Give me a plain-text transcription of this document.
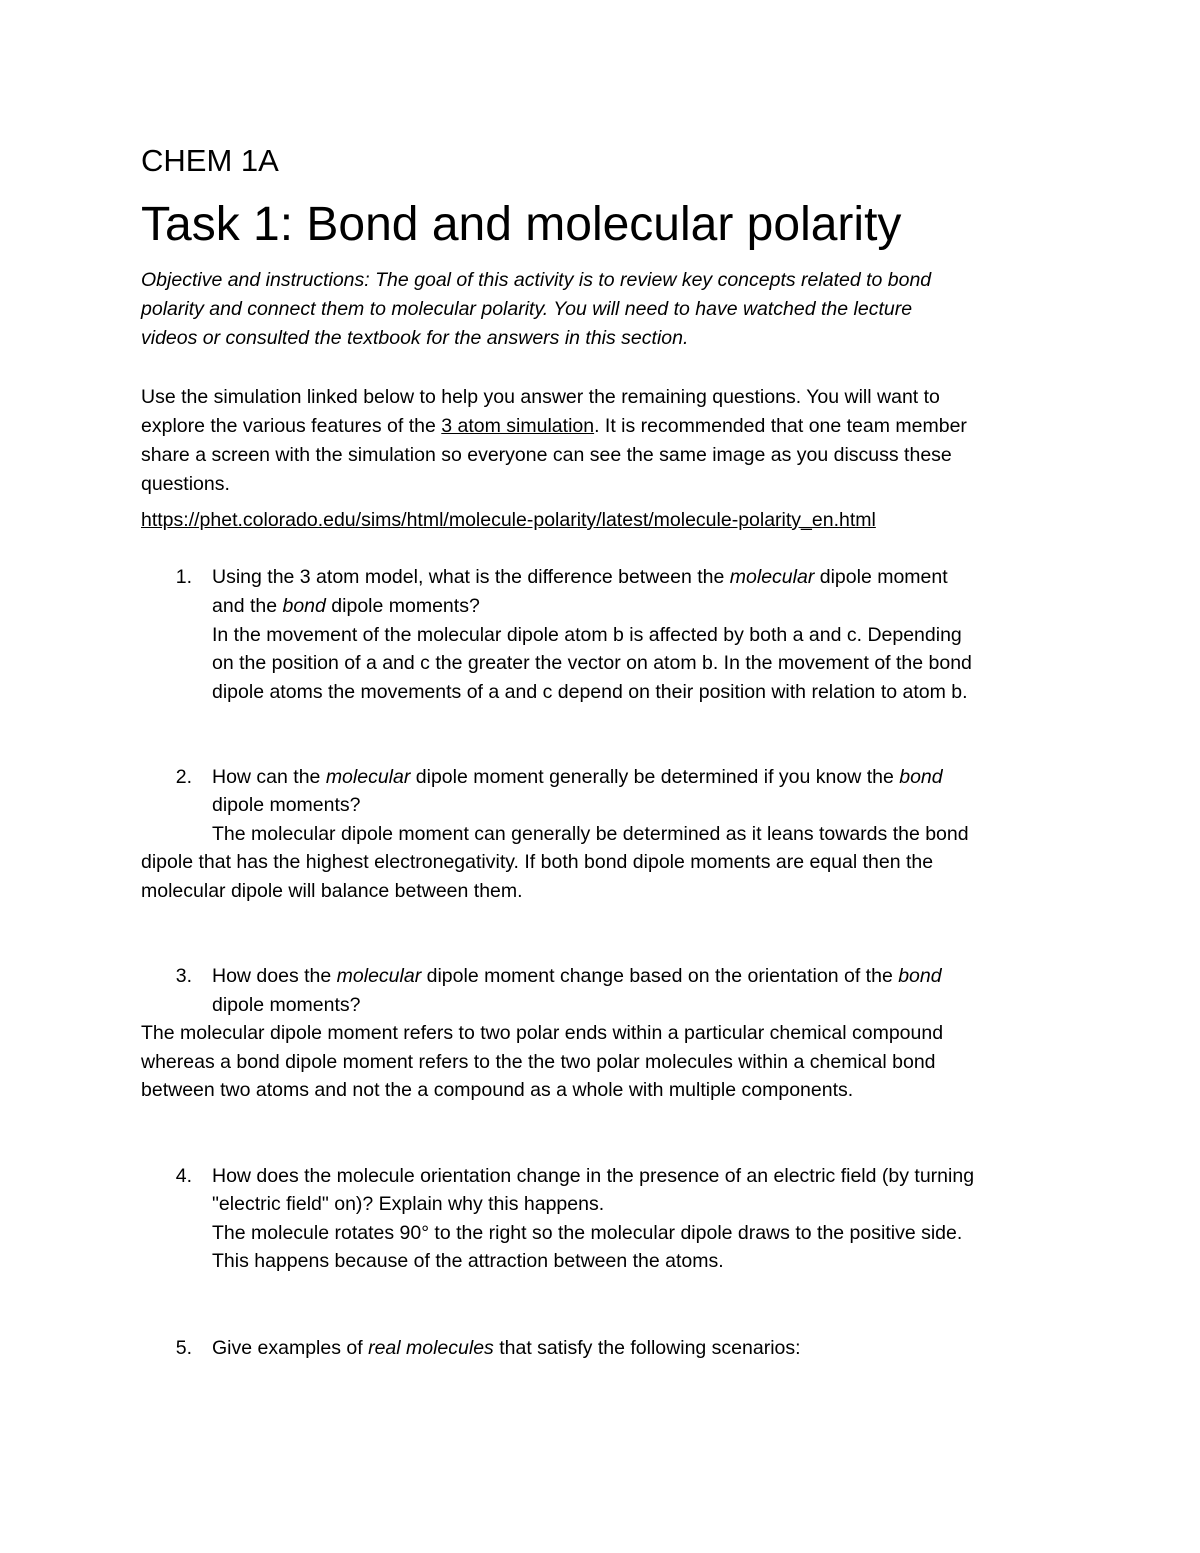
CHEM 1A
Task 1: Bond and molecular polarity
Objective and instructions: The goal of this activity is to review key concepts related to bond
polarity and connect them to molecular polarity. You will need to have watched the lecture
videos or consulted the textbook for the answers in this section.
Use the simulation linked below to help you answer the remaining questions. You will want to
explore the various features of the 3 atom simulation. It is recommended that one team member
share a screen with the simulation so everyone can see the same image as you discuss these
questions.
https://phet.colorado.edu/sims/html/molecule-polarity/latest/molecule-polarity_en.html
1. Using the 3 atom model, what is the difference between the molecular dipole moment
and the bond dipole moments?
In the movement of the molecular dipole atom b is affected by both a and c. Depending
on the position of a and c the greater the vector on atom b. In the movement of the bond
dipole atoms the movements of a and c depend on their position with relation to atom b.
2. How can the molecular dipole moment generally be determined if you know the bond
dipole moments?
The molecular dipole moment can generally be determined as it leans towards the bond
dipole that has the highest electronegativity. If both bond dipole moments are equal then the
molecular dipole will balance between them.
3. How does the molecular dipole moment change based on the orientation of the bond
dipole moments?
The molecular dipole moment refers to two polar ends within a particular chemical compound
whereas a bond dipole moment refers to the the two polar molecules within a chemical bond
between two atoms and not the a compound as a whole with multiple components.
4. How does the molecule orientation change in the presence of an electric field (by turning
"electric field" on)? Explain why this happens.
The molecule rotates 90° to the right so the molecular dipole draws to the positive side.
This happens because of the attraction between the atoms.
5. Give examples of real molecules that satisfy the following scenarios:
